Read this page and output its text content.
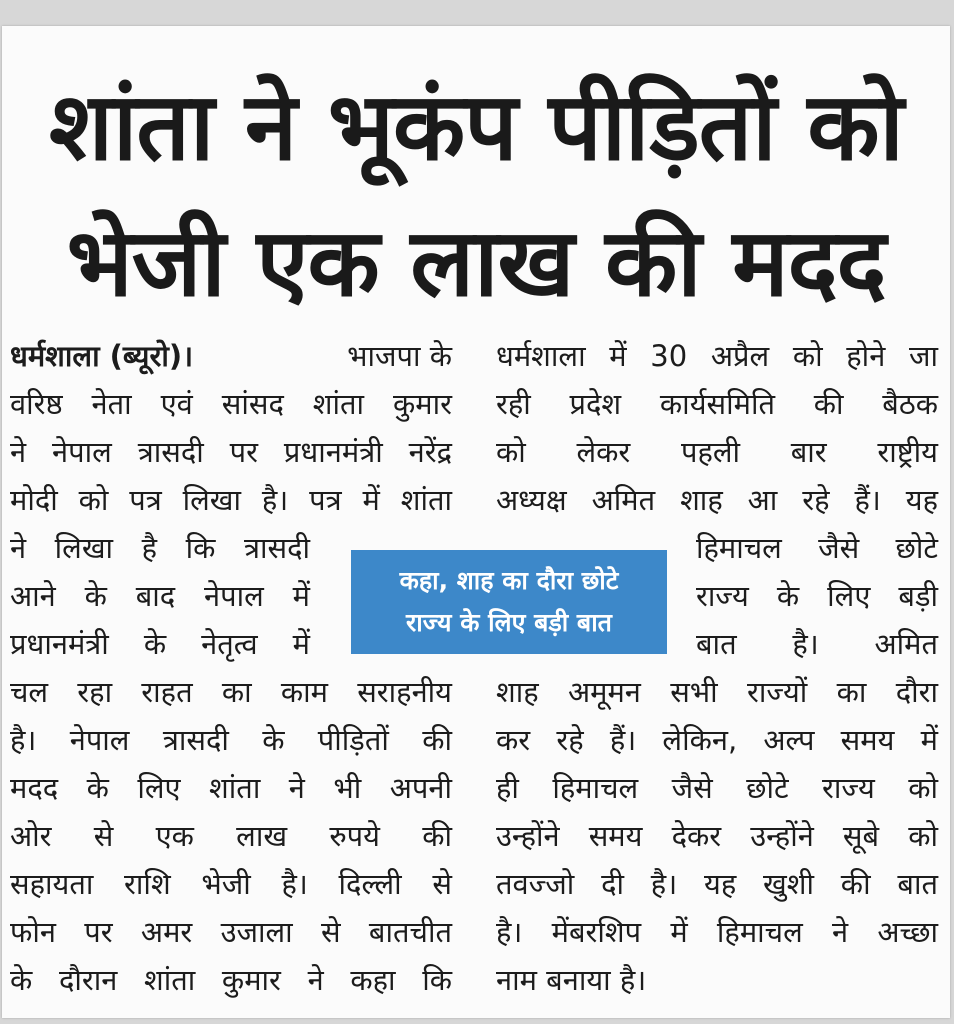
शांता ने भूकंप पीड़ितों को
भेजी एक लाख की मदद
धर्मशाला (ब्यूरो)।	भाजपा के
वरिष्ठ नेता एवं सांसद शांता कुमार
ने नेपाल त्रासदी पर प्रधानमंत्री नरेंद्र
मोदी को पत्र लिखा है। पत्र में शांता
ने लिखा है कि त्रासदी
आने के बाद नेपाल में
प्रधानमंत्री के नेतृत्व में
चल रहा राहत का काम सराहनीय
है। नेपाल त्रासदी के पीड़ितों की
मदद के लिए शांता ने भी अपनी
ओर से एक लाख रुपये की
सहायता राशि भेजी है। दिल्ली से
फोन पर अमर उजाला से बातचीत
के दौरान शांता कुमार ने कहा कि
कहा, शाह का दौरा छोटे
राज्य के लिए बड़ी बात
धर्मशाला में 30 अप्रैल को होने जा
रही प्रदेश कार्यसमिति की बैठक
को लेकर पहली बार राष्ट्रीय
अध्यक्ष अमित शाह आ रहे हैं। यह
हिमाचल जैसे छोटे
राज्य के लिए बड़ी
बात है। अमित
शाह अमूमन सभी राज्यों का दौरा
कर रहे हैं। लेकिन, अल्प समय में
ही हिमाचल जैसे छोटे राज्य को
उन्होंने समय देकर उन्होंने सूबे को
तवज्जो दी है। यह खुशी की बात
है। मेंबरशिप में हिमाचल ने अच्छा
नाम बनाया है।
